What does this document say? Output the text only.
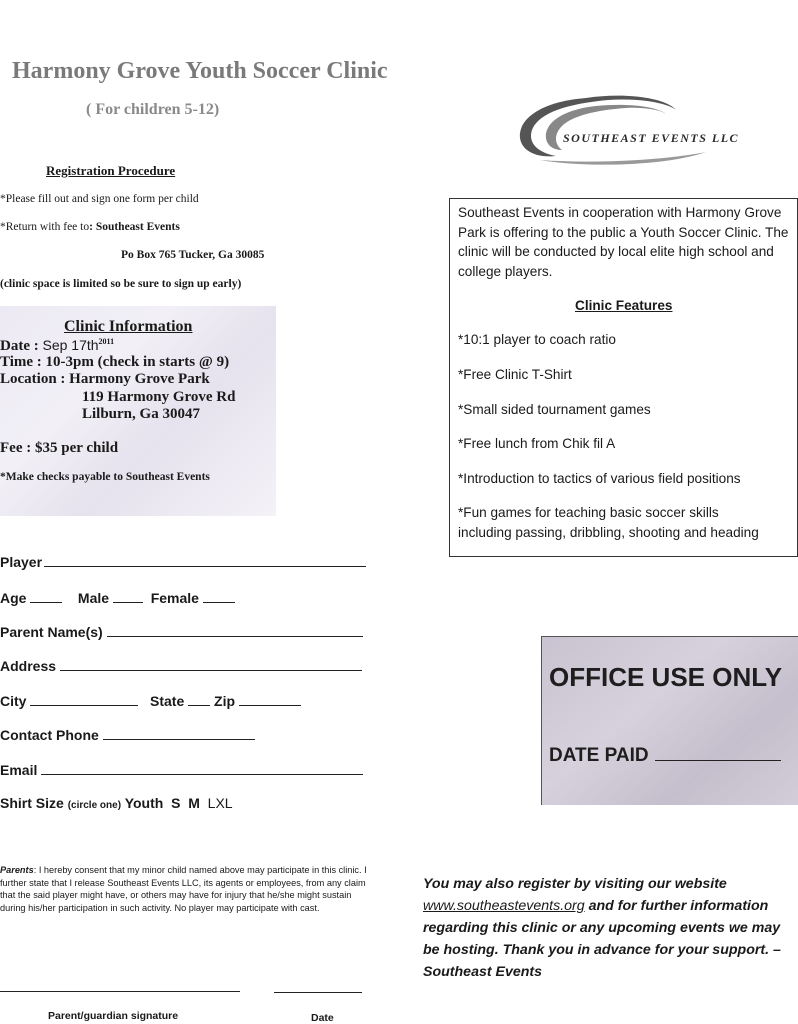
Harmony Grove Youth Soccer Clinic
( For children 5-12)
Registration Procedure
*Please fill out and sign one form per child
*Return with fee to: Southeast Events
Po Box 765 Tucker, Ga 30085
(clinic space is limited so be sure to sign up early)
Clinic Information
Date : Sep $17th^{2011}$
Time : 10-3pm (check in starts @ 9)
Location : Harmony Grove Park
119 Harmony Grove Rd
Lilburn, Ga 30047
Fee : $35 per child
*Make checks payable to Southeast Events
Player
Age	Male	Female
Parent Name(s)
Address
City	State Zip
Contact Phone
Email
Shirt Size (circle one) Youth S M LXL
Parents: I hereby consent that my minor child named above may participate in this clinic. I further state that I release Southeast Events LLC, its agents or employees, from any claim that the said player might have, or others may have for injury that he/she might sustain during his/her participation in such activity. No player may participate with cast.
Parent/guardian signature	Date
SOUTHEAST EVENTS LLC
Southeast Events in cooperation with Harmony Grove Park is offering to the public a Youth Soccer Clinic. The clinic will be conducted by local elite high school and college players.
Clinic Features
*10:1 player to coach ratio
*Free Clinic T-Shirt
*Small sided tournament games
*Free lunch from Chik fil A
*Introduction to tactics of various field positions
*Fun games for teaching basic soccer skills
including passing, dribbling, shooting and heading
OFFICE USE ONLY
DATE PAID
You may also register by visiting our website www.southeastevents.org and for further information regarding this clinic or any upcoming events we may be hosting. Thank you in advance for your support. – Southeast Events
